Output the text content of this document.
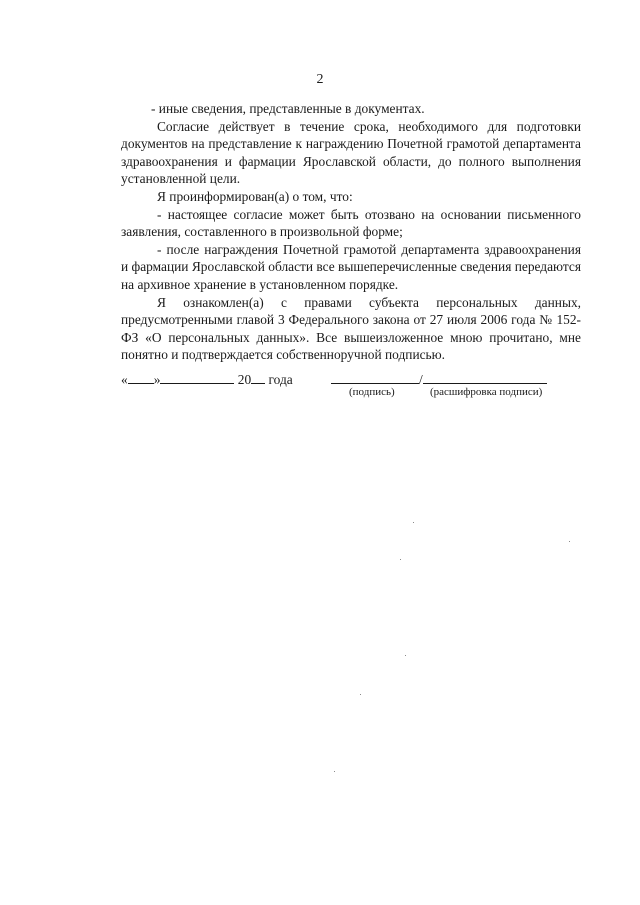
2

- иные сведения, представленные в документах.

Согласие действует в течение срока, необходимого для подготовки документов на представление к награждению Почетной грамотой департамента здравоохранения и фармации Ярославской области, до полного выполнения установленной цели.

Я проинформирован(а) о том, что:

- настоящее согласие может быть отозвано на основании письменного заявления, составленного в произвольной форме;

- после награждения Почетной грамотой департамента здравоохранения и фармации Ярославской области все вышеперечисленные сведения передаются на архивное хранение в установленном порядке.

Я ознакомлен(а) с правами субъекта персональных данных, предусмотренными главой 3 Федерального закона от 27 июля 2006 года № 152-ФЗ «О персональных данных». Все вышеизложенное мною прочитано, мне понятно и подтверждается собственноручной подписью.

« »	20 года	/
(подпись)	(расшифровка подписи)
